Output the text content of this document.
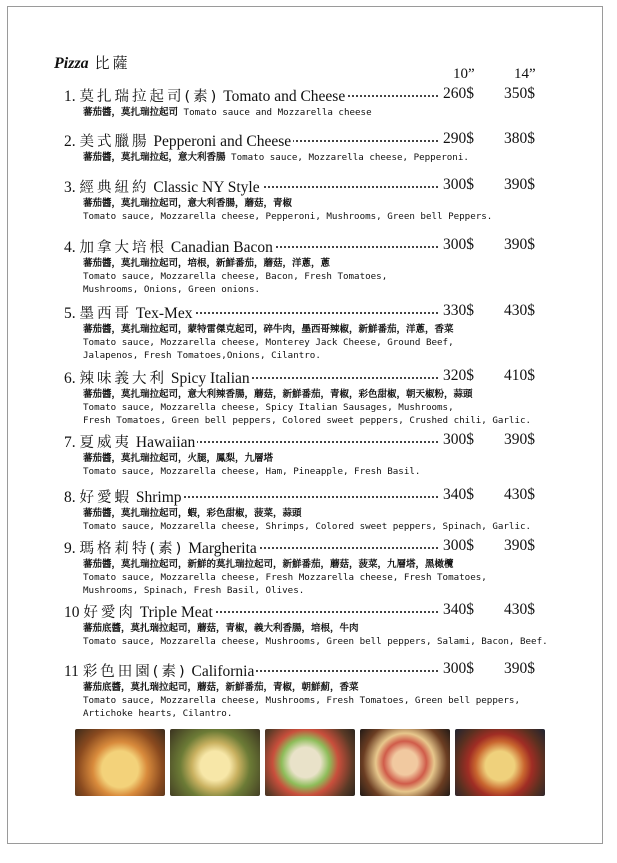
Pizza 比薩
10”	14”
1. 莫扎瑞拉起司(素) Tomato and Cheese	260$ 350$
蕃茄醬，莫扎瑞拉起司 Tomato sauce and Mozzarella cheese
2. 美式臘腸 Pepperoni and Cheese	290$ 380$
蕃茄醬，莫扎瑞拉起，意大利香腸 Tomato sauce, Mozzarella cheese, Pepperoni.
3. 經典紐約 Classic NY Style	300$ 390$
蕃茄醬，莫扎瑞拉起司，意大利香腸，蘑菇，青椒
Tomato sauce, Mozzarella cheese, Pepperoni, Mushrooms, Green bell Peppers.
4. 加拿大培根 Canadian Bacon	300$ 390$
蕃茄醬，莫扎瑞拉起司，培根，新鮮番茄，蘑菇，洋蔥，蔥
Tomato sauce, Mozzarella cheese, Bacon, Fresh Tomatoes,
Mushrooms, Onions, Green onions.
5. 墨西哥 Tex-Mex	330$ 430$
蕃茄醬，莫扎瑞拉起司，蒙特雷傑克起司，碎牛肉，墨西哥辣椒，新鮮番茄，洋蔥，香菜
Tomato sauce, Mozzarella cheese, Monterey Jack Cheese, Ground Beef,
Jalapenos, Fresh Tomatoes,Onions, Cilantro.
6. 辣味義大利 Spicy Italian	320$ 410$
蕃茄醬，莫扎瑞拉起司，意大利辣香腸，蘑菇，新鮮番茄，青椒，彩色甜椒，朝天椒粉，蒜頭
Tomato sauce, Mozzarella cheese, Spicy Italian Sausages, Mushrooms,
Fresh Tomatoes, Green bell peppers, Colored sweet peppers, Crushed chili, Garlic.
7. 夏威夷 Hawaiian	300$ 390$
蕃茄醬，莫扎瑞拉起司，火腿，鳳梨，九層塔
Tomato sauce, Mozzarella cheese, Ham, Pineapple, Fresh Basil.
8. 好愛蝦 Shrimp	340$ 430$
蕃茄醬，莫扎瑞拉起司，蝦，彩色甜椒，菠菜，蒜頭
Tomato sauce, Mozzarella cheese, Shrimps, Colored sweet peppers, Spinach, Garlic.
9. 瑪格莉特(素) Margherita	300$ 390$
蕃茄醬，莫扎瑞拉起司，新鮮的莫扎瑞拉起司，新鮮番茄，蘑菇，菠菜，九層塔，黑橄欖
Tomato sauce, Mozzarella cheese, Fresh Mozzarella cheese, Fresh Tomatoes,
Mushrooms, Spinach, Fresh Basil, Olives.
10 好愛肉 Triple Meat	340$ 430$
蕃茄底醬，莫扎瑞拉起司，蘑菇，青椒，義大利香腸，培根，牛肉
Tomato sauce, Mozzarella cheese, Mushrooms, Green bell peppers, Salami, Bacon, Beef.
11 彩色田園(素) California	300$ 390$
蕃茄底醬，莫扎瑞拉起司，蘑菇，新鮮番茄，青椒，朝鮮薊，香菜
Tomato sauce, Mozzarella cheese, Mushrooms, Fresh Tomatoes, Green bell peppers,
Artichoke hearts, Cilantro.
